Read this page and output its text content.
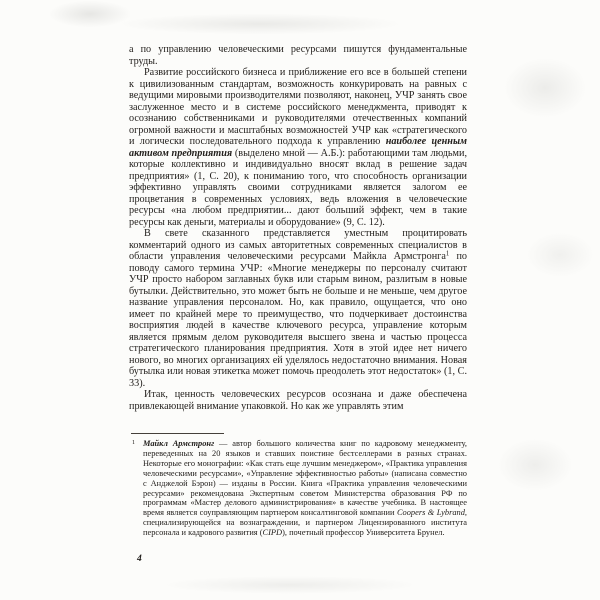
а по управлению человеческими ресурсами пишутся фундаментальные труды.

Развитие российского бизнеса и приближение его все в большей степени к цивилизованным стандартам, возможность конкурировать на равных с ведущими мировыми производителями позволяют, наконец, УЧР занять свое заслуженное место и в системе российского менеджмента, приводят к осознанию собственниками и руководителями отечественных компаний огромной важности и масштабных возможностей УЧР как «стратегического и логически последовательного подхода к управлению наиболее ценным активом предприятия (выделено мной — А.Б.): работающими там людьми, которые коллективно и индивидуально вносят вклад в решение задач предприятия» (1, С. 20), к пониманию того, что способность организации эффективно управлять своими сотрудниками является залогом ее процветания в современных условиях, ведь вложения в человеческие ресурсы «на любом предприятии... дают больший эффект, чем в такие ресурсы как деньги, материалы и оборудование» (9, С. 12).

В свете сказанного представляется уместным процитировать комментарий одного из самых авторитетных современных специалистов в области управления человеческими ресурсами Майкла Армстронга$^1$ по поводу самого термина УЧР: «Многие менеджеры по персоналу считают УЧР просто набором заглавных букв или старым вином, разлитым в новые бутылки. Действительно, это может быть не больше и не меньше, чем другое название управления персоналом. Но, как правило, ощущается, что оно имеет по крайней мере то преимущество, что подчеркивает достоинства восприятия людей в качестве ключевого ресурса, управление которым является прямым делом руководителя высшего звена и частью процесса стратегического планирования предприятия. Хотя в этой идее нет ничего нового, во многих организациях ей уделялось недостаточно внимания. Новая бутылка или новая этикетка может помочь преодолеть этот недостаток» (1, С. 33).

Итак, ценность человеческих ресурсов осознана и даже обеспечена привлекающей внимание упаковкой. Но как же управлять этим

1 Майкл Армстронг — автор большого количества книг по кадровому менеджменту, переведенных на 20 языков и ставших поистине бестселлерами в разных странах. Некоторые его монографии: «Как стать еще лучшим менеджером», «Практика управления человеческими ресурсами», «Управление эффективностью работы» (написана совместно с Анджелой Бэрон) — изданы в России. Книга «Практика управления человеческими ресурсами» рекомендована Экспертным советом Министерства образования РФ по программам «Мастер делового администрирования» в качестве учебника. В настоящее время является соуправляющим партнером консалтинговой компании Coopers & Lybrand, специализирующейся на вознаграждении, и партнером Лицензированного института персонала и кадрового развития (CIPD), почетный профессор Университета Брунел.
4
